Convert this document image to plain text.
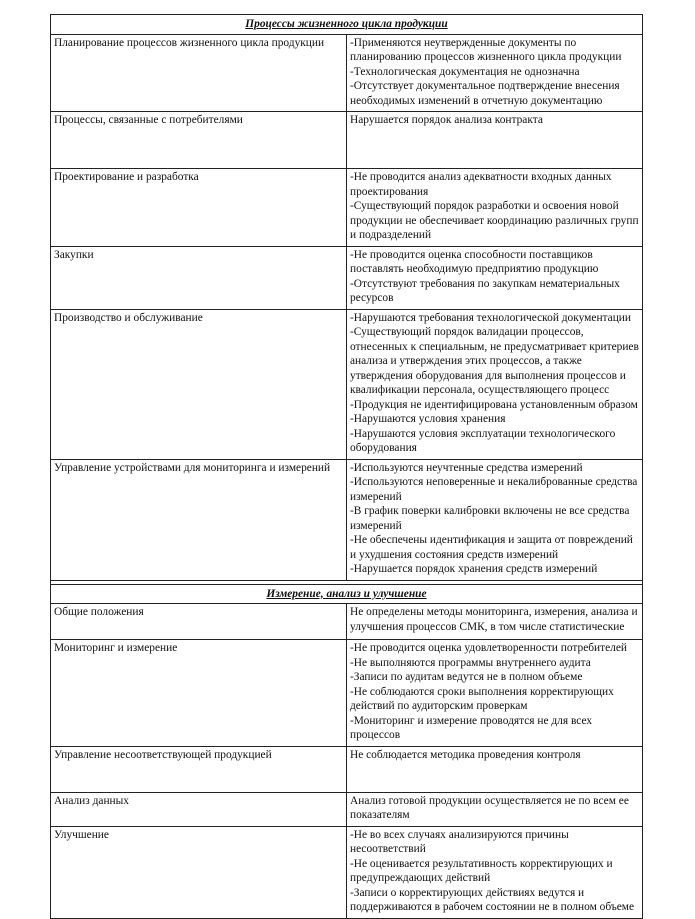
Процессы жизненного цикла продукции	
Планирование процессов жизненного цикла продукции	-Применяются неутвержденные документы по планированию процессов жизненного цикла продукции
-Технологическая документация не однозначна
-Отсутствует документальное подтверждение внесения необходимых изменений в отчетную документацию

Процессы, связанные с потребителями	Нарушается порядок анализа контракта

Проектирование и разработка	-Не проводится анализ адекватности входных данных проектирования
-Существующий порядок разработки и освоения новой продукции не обеспечивает координацию различных групп и подразделений

Закупки	-Не проводится оценка способности поставщиков поставлять необходимую предприятию продукцию
-Отсутствуют требования по закупкам нематериальных ресурсов

Производство и обслуживание	-Нарушаются требования технологической документации
-Существующий порядок валидации процессов, отнесенных к специальным, не предусматривает критериев анализа и утверждения этих процессов, а также утверждения оборудования для выполнения процессов и квалификации персонала, осуществляющего процесс
-Продукция не идентифицирована установленным образом
-Нарушаются условия хранения
-Нарушаются условия эксплуатации технологического оборудования

Управление устройствами для мониторинга и измерений	-Используются неучтенные средства измерений
-Используются неповеренные и некалиброванные средства измерений
-В график поверки калибровки включены не все средства измерений
-Не обеспечены идентификация и защита от повреждений и ухудшения состояния средств измерений
-Нарушается порядок хранения средств измерений

Измерение, анализ и улучшение	
Общие положения	Не определены методы мониторинга, измерения, анализа и улучшения процессов СМК, в том числе статистические

Мониторинг и измерение	-Не проводится оценка удовлетворенности потребителей
-Не выполняются программы внутреннего аудита
-Записи по аудитам ведутся не в полном объеме
-Не соблюдаются сроки выполнения корректирующих действий по аудиторским проверкам
-Мониторинг и измерение проводятся не для всех процессов

Управление несоответствующей продукцией	Не соблюдается методика проведения контроля

Анализ данных	Анализ готовой продукции осуществляется не по всем ее показателям

Улучшение	-Не во всех случаях анализируются причины несоответствий
-Не оценивается результативность корректирующих и предупреждающих действий
-Записи о корректирующих действиях ведутся и поддерживаются в рабочем состоянии не в полном объеме
